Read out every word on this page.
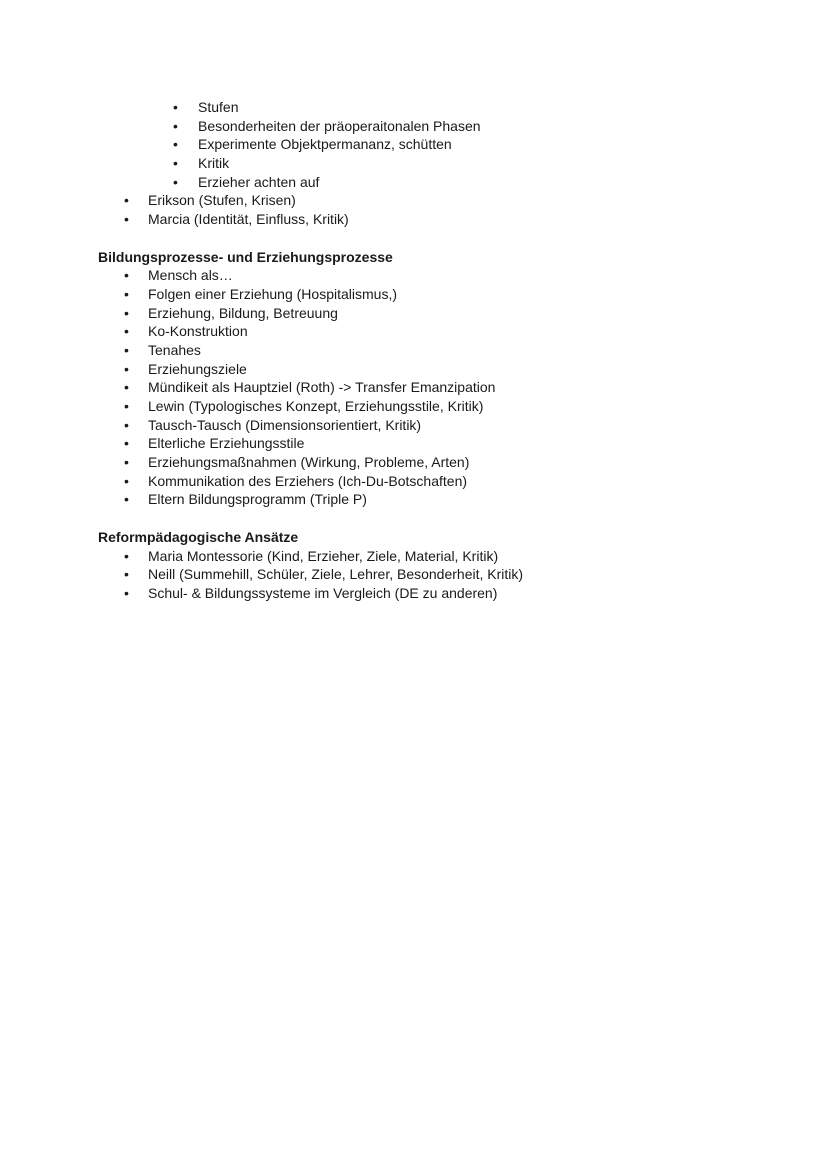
• Stufen
• Besonderheiten der präoperaitonalen Phasen
• Experimente Objektpermananz, schütten
• Kritik
• Erzieher achten auf
• Erikson (Stufen, Krisen)
• Marcia (Identität, Einfluss, Kritik)
Bildungsprozesse- und Erziehungsprozesse
• Mensch als…
• Folgen einer Erziehung (Hospitalismus,)
• Erziehung, Bildung, Betreuung
• Ko-Konstruktion
• Tenahes
• Erziehungsziele
• Mündikeit als Hauptziel (Roth) -> Transfer Emanzipation
• Lewin (Typologisches Konzept, Erziehungsstile, Kritik)
• Tausch-Tausch (Dimensionsorientiert, Kritik)
• Elterliche Erziehungsstile
• Erziehungsmaßnahmen (Wirkung, Probleme, Arten)
• Kommunikation des Erziehers (Ich-Du-Botschaften)
• Eltern Bildungsprogramm (Triple P)
Reformpädagogische Ansätze
• Maria Montessorie (Kind, Erzieher, Ziele, Material, Kritik)
• Neill (Summehill, Schüler, Ziele, Lehrer, Besonderheit, Kritik)
• Schul- & Bildungssysteme im Vergleich (DE zu anderen)
